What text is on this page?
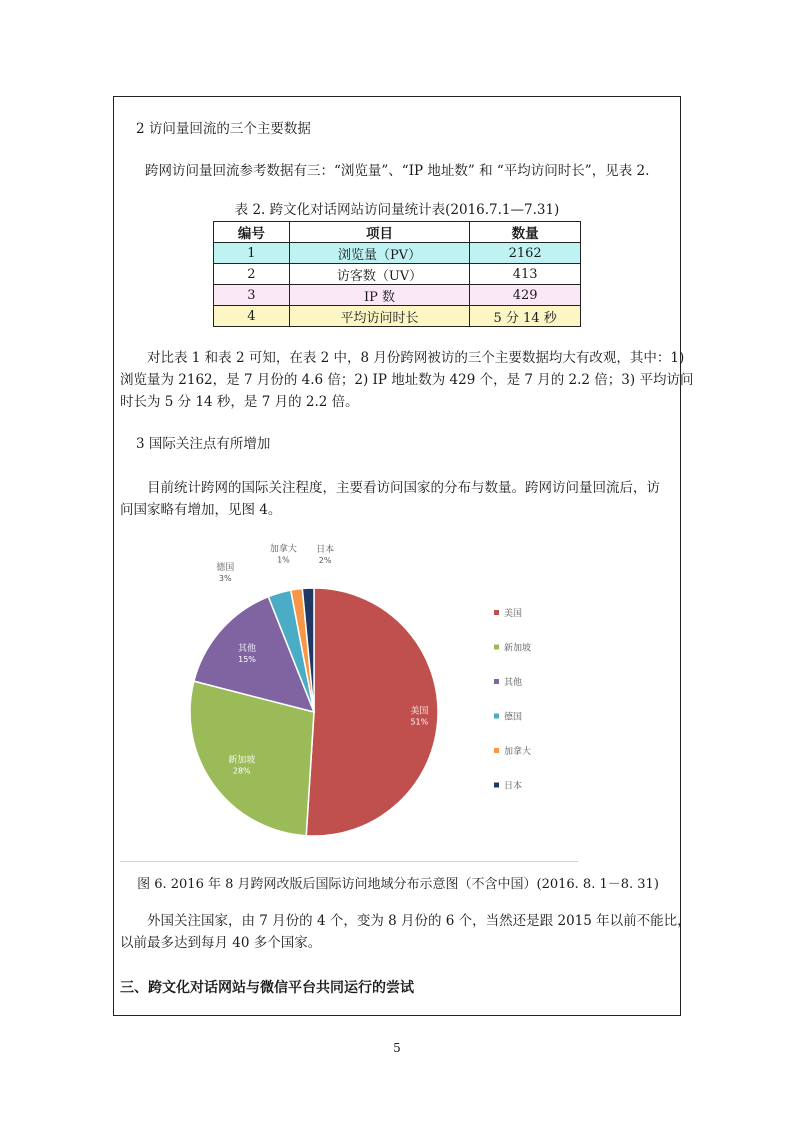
2 访问量回流的三个主要数据
跨网访问量回流参考数据有三：“浏览量”、“IP 地址数” 和 “平均访问时长”，见表 2.
表 2. 跨文化对话网站访问量统计表(2016.7.1—7.31)
编号	项目	数量
1	浏览量（PV）	2162
2	访客数（UV）	413
3	IP 数	429
4	平均访问时长	5 分 14 秒
对比表 1 和表 2 可知，在表 2 中，8 月份跨网被访的三个主要数据均大有改观，其中：1)
浏览量为 2162，是 7 月份的 4.6 倍；2) IP 地址数为 429 个，是 7 月的 2.2 倍；3) 平均访问
时长为 5 分 14 秒，是 7 月的 2.2 倍。
3 国际关注点有所增加
目前统计跨网的国际关注程度，主要看访问国家的分布与数量。跨网访问量回流后，访
问国家略有增加，见图 4。
美国
51%
新加坡
28%
其他
15%
德国
3%
加拿大
1%
日本
2%
美国
新加坡
其他
德国
加拿大
日本
图 6. 2016 年 8 月跨网改版后国际访问地域分布示意图（不含中国）(2016. 8. 1－8. 31)
外国关注国家，由 7 月份的 4 个，变为 8 月份的 6 个，当然还是跟 2015 年以前不能比，
以前最多达到每月 40 多个国家。
三、跨文化对话网站与微信平台共同运行的尝试
5
